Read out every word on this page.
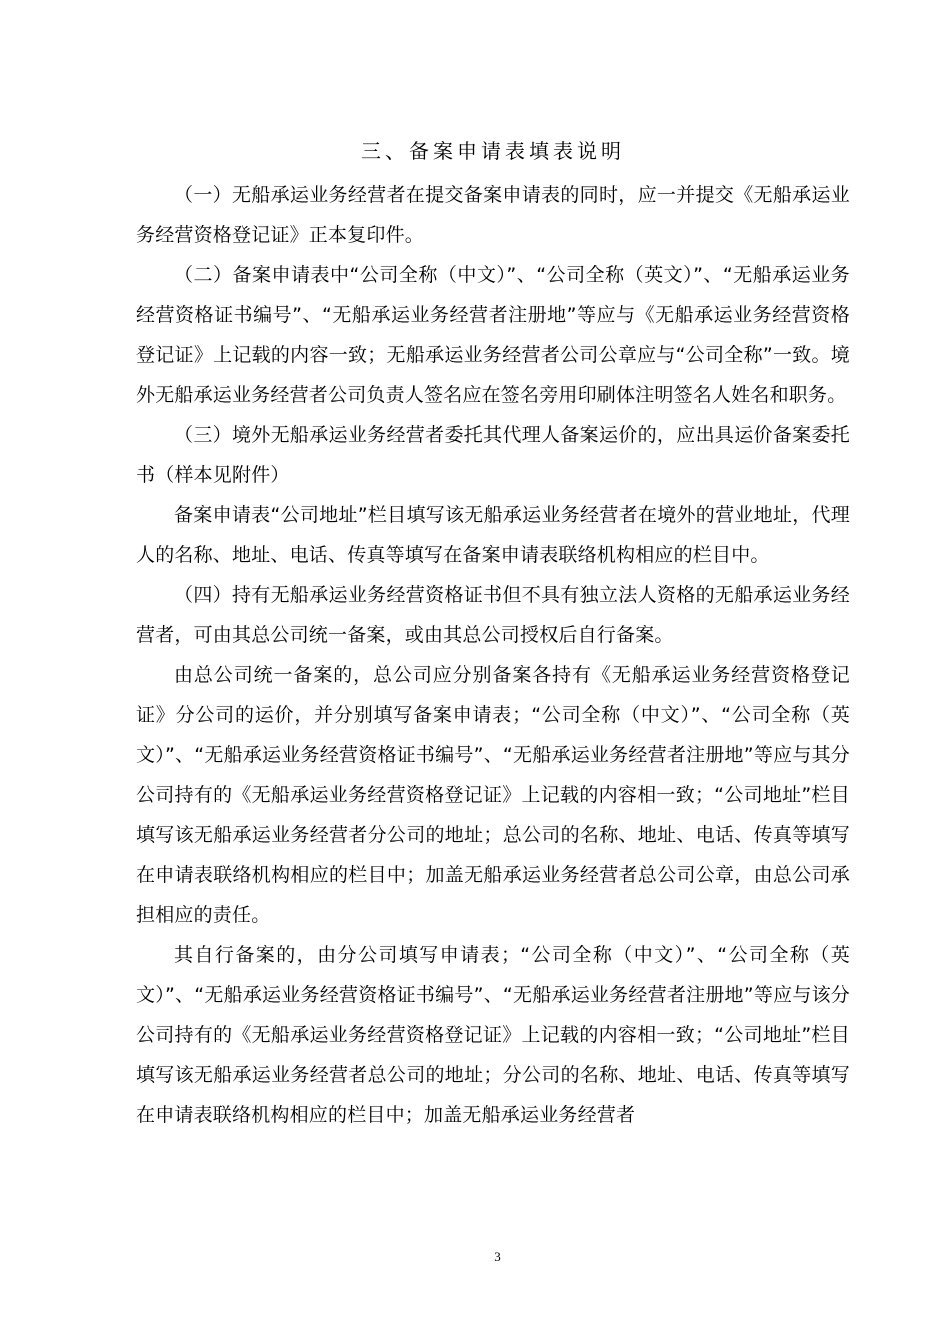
三、备案申请表填表说明

（一）无船承运业务经营者在提交备案申请表的同时，应一并提交《无船承运业务经营资格登记证》正本复印件。

（二）备案申请表中“公司全称（中文）”、“公司全称（英文）”、“无船承运业务经营资格证书编号”、“无船承运业务经营者注册地”等应与《无船承运业务经营资格登记证》上记载的内容一致；无船承运业务经营者公司公章应与“公司全称”一致。境外无船承运业务经营者公司负责人签名应在签名旁用印刷体注明签名人姓名和职务。

（三）境外无船承运业务经营者委托其代理人备案运价的，应出具运价备案委托书（样本见附件）

备案申请表“公司地址”栏目填写该无船承运业务经营者在境外的营业地址，代理人的名称、地址、电话、传真等填写在备案申请表联络机构相应的栏目中。

（四）持有无船承运业务经营资格证书但不具有独立法人资格的无船承运业务经营者，可由其总公司统一备案，或由其总公司授权后自行备案。

由总公司统一备案的，总公司应分别备案各持有《无船承运业务经营资格登记证》分公司的运价，并分别填写备案申请表；“公司全称（中文）”、“公司全称（英文）”、“无船承运业务经营资格证书编号”、“无船承运业务经营者注册地”等应与其分公司持有的《无船承运业务经营资格登记证》上记载的内容相一致；“公司地址”栏目填写该无船承运业务经营者分公司的地址；总公司的名称、地址、电话、传真等填写在申请表联络机构相应的栏目中；加盖无船承运业务经营者总公司公章，由总公司承担相应的责任。

其自行备案的，由分公司填写申请表；“公司全称（中文）”、“公司全称（英文）”、“无船承运业务经营资格证书编号”、“无船承运业务经营者注册地”等应与该分公司持有的《无船承运业务经营资格登记证》上记载的内容相一致；“公司地址”栏目填写该无船承运业务经营者总公司的地址；分公司的名称、地址、电话、传真等填写在申请表联络机构相应的栏目中；加盖无船承运业务经营者

3
